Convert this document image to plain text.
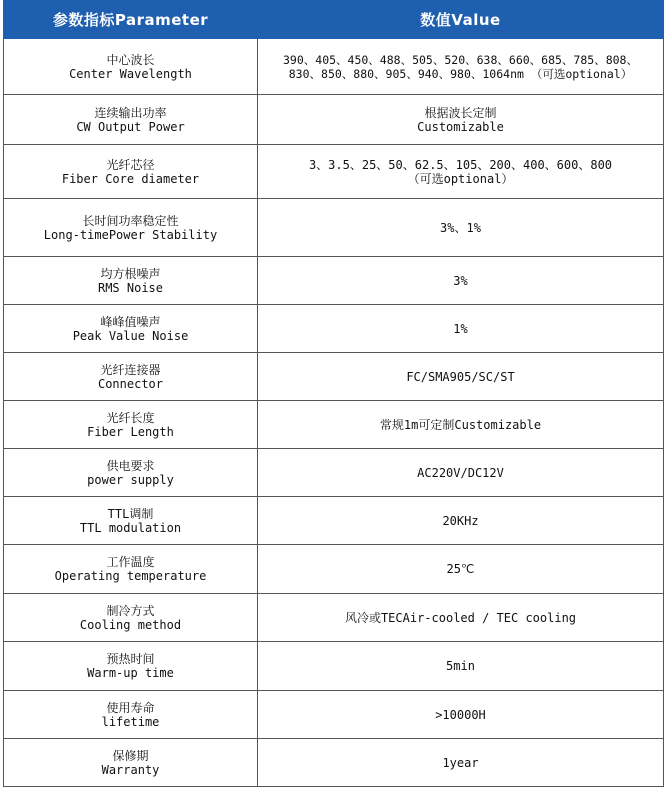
参数指标Parameter	数值Value

中心波长
Center Wavelength	390、405、450、488、505、520、638、660、685、785、808、
830、850、880、905、940、980、1064nm （可选optional）

连续输出功率
CW Output Power	根据波长定制
Customizable

光纤芯径
Fiber Core diameter	3、3.5、25、50、62.5、105、200、400、600、800
（可选optional）

长时间功率稳定性
Long-timePower Stability	3%、1%

均方根噪声
RMS Noise	3%

峰峰值噪声
Peak Value Noise	1%

光纤连接器
Connector	FC/SMA905/SC/ST

光纤长度
Fiber Length	常规1m可定制Customizable

供电要求
power supply	AC220V/DC12V

TTL调制
TTL modulation	20KHz

工作温度
Operating temperature	25℃

制冷方式
Cooling method	风冷或TECAir-cooled / TEC cooling

预热时间
Warm-up time	5min

使用寿命
lifetime	>10000H

保修期
Warranty	1year
